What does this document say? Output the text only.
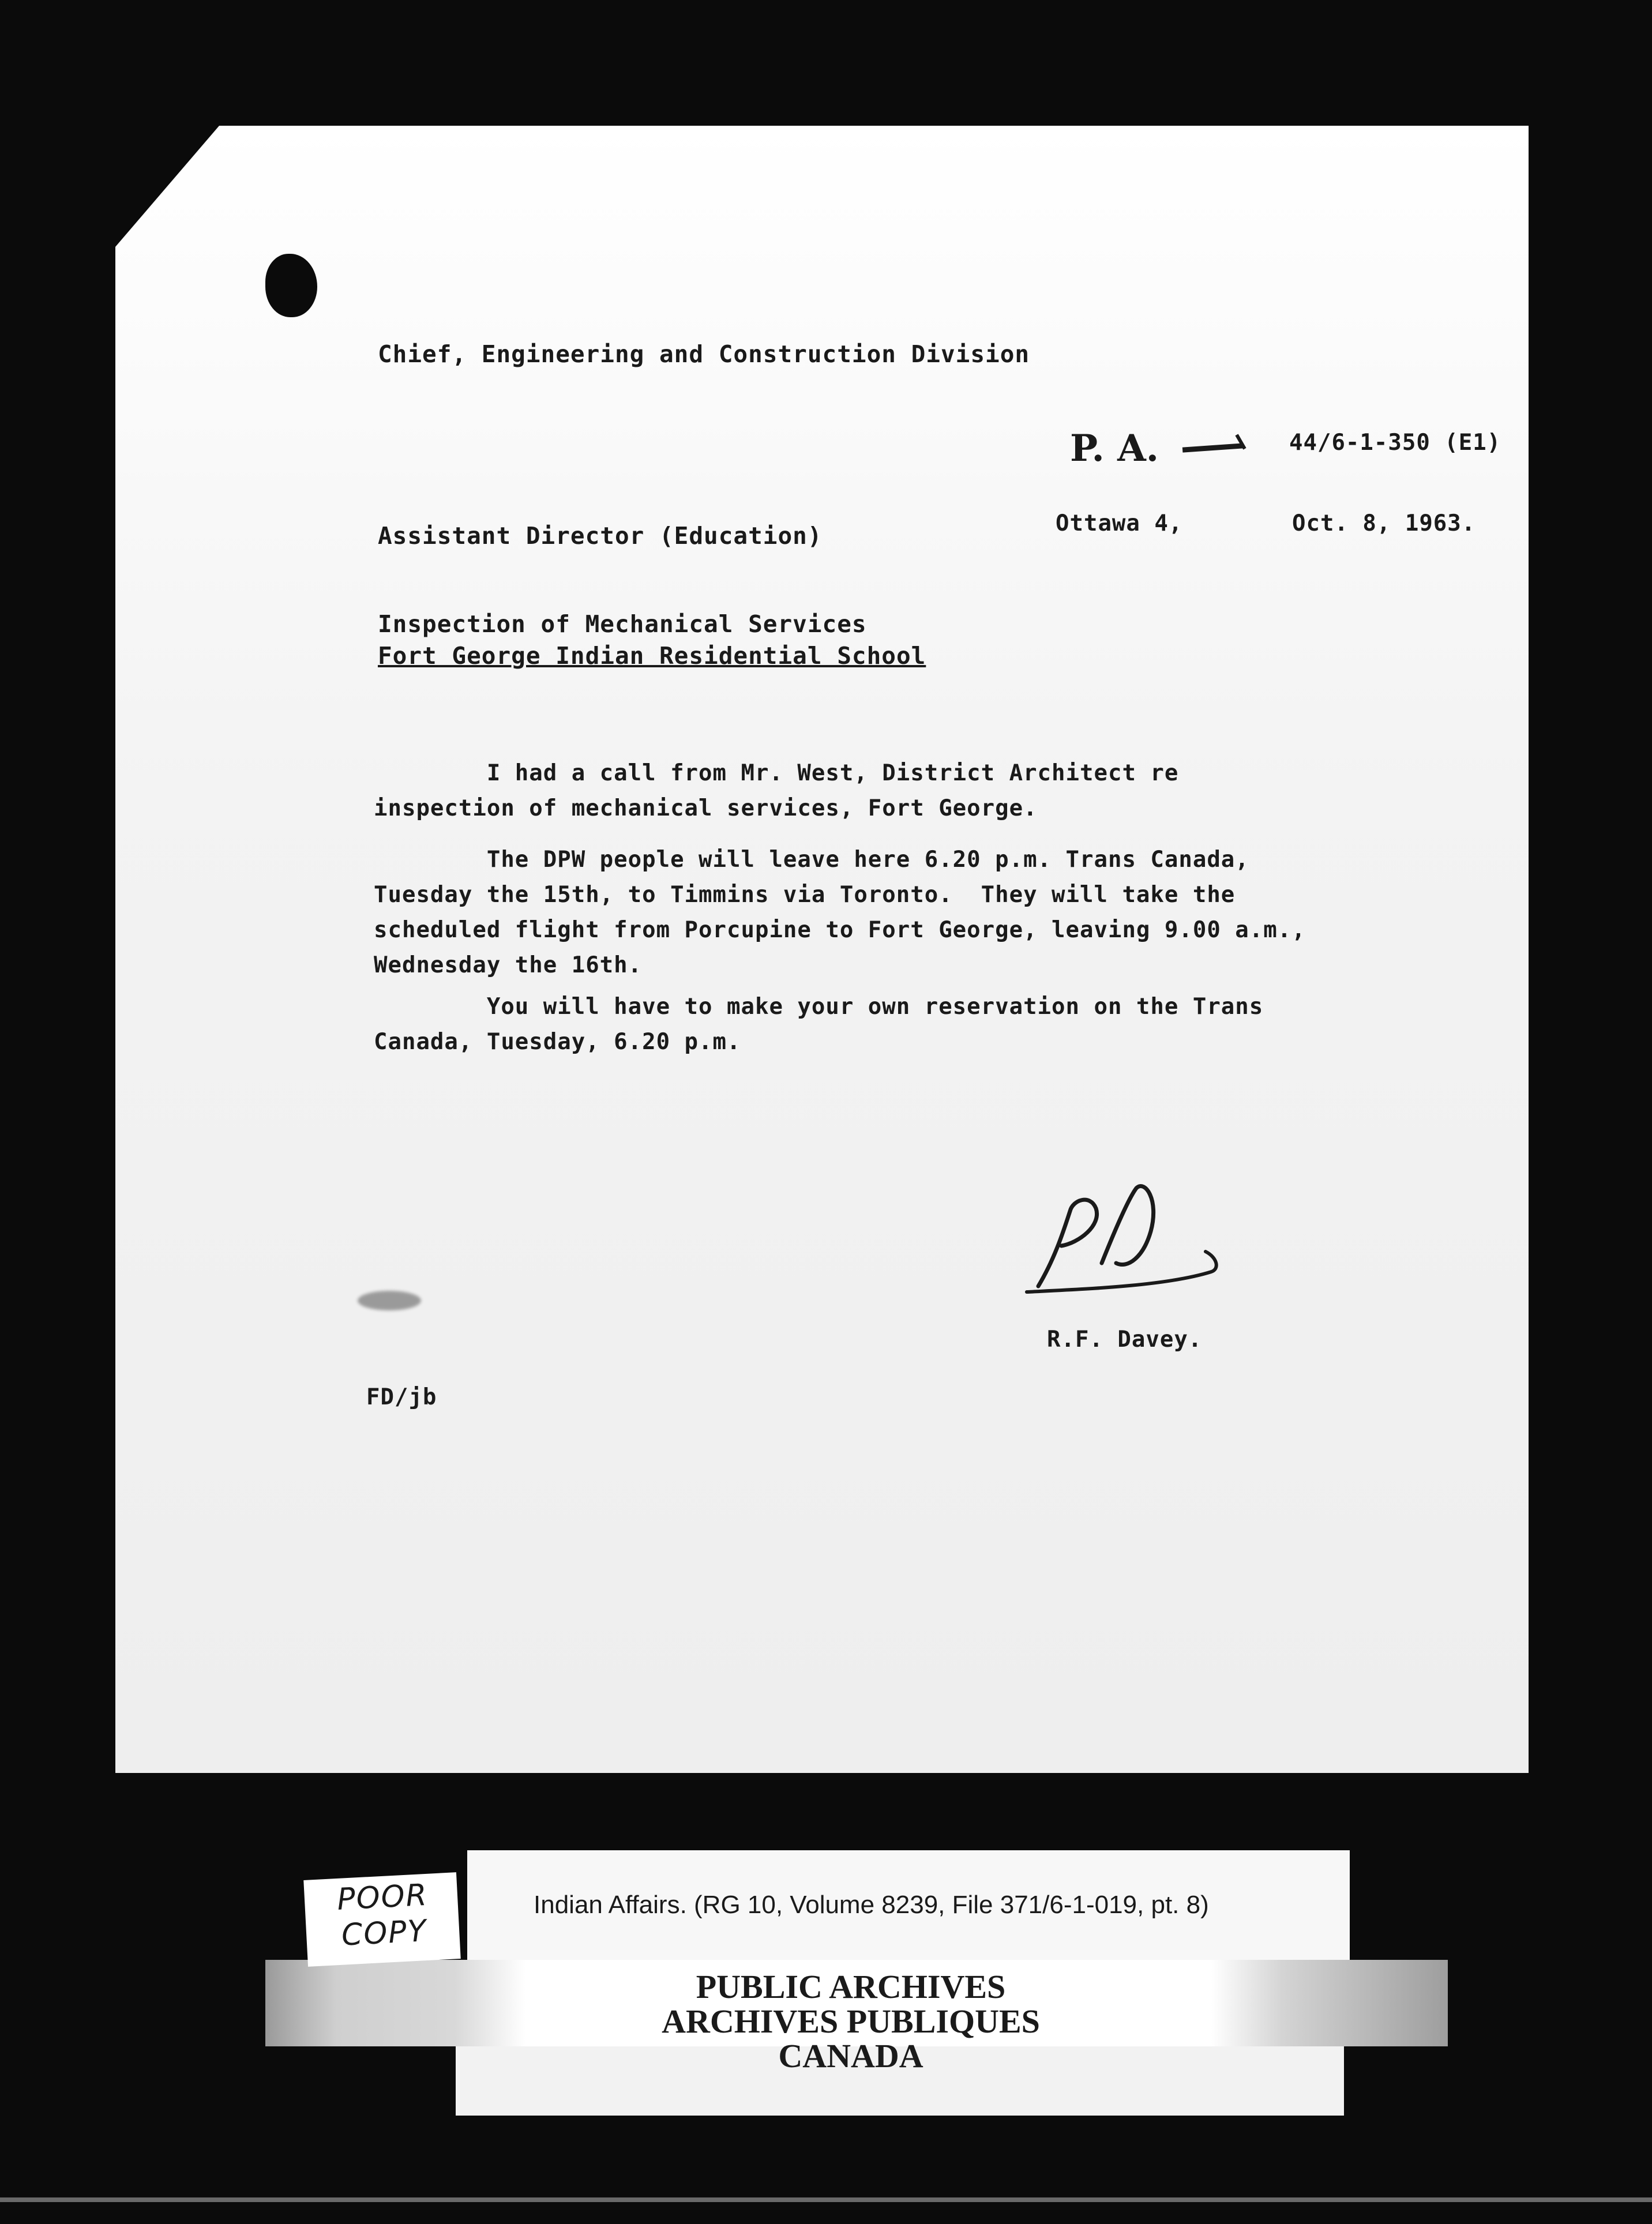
Chief, Engineering and Construction Division
P. A.	44/6-1-350 (E1)
Assistant Director (Education)	Ottawa 4,	Oct. 8, 1963.
Inspection of Mechanical Services
Fort George Indian Residential School
I had a call from Mr. West, District Architect re
inspection of mechanical services, Fort George.
The DPW people will leave here 6.20 p.m. Trans Canada,
Tuesday the 15th, to Timmins via Toronto.  They will take the
scheduled flight from Porcupine to Fort George, leaving 9.00 a.m.,
Wednesday the 16th.
You will have to make your own reservation on the Trans
Canada, Tuesday, 6.20 p.m.
R.F. Davey.
FD/jb
Indian Affairs. (RG 10, Volume 8239, File 371/6-1-019, pt. 8)
PUBLIC ARCHIVES
ARCHIVES PUBLIQUES
CANADA
POOR COPY
